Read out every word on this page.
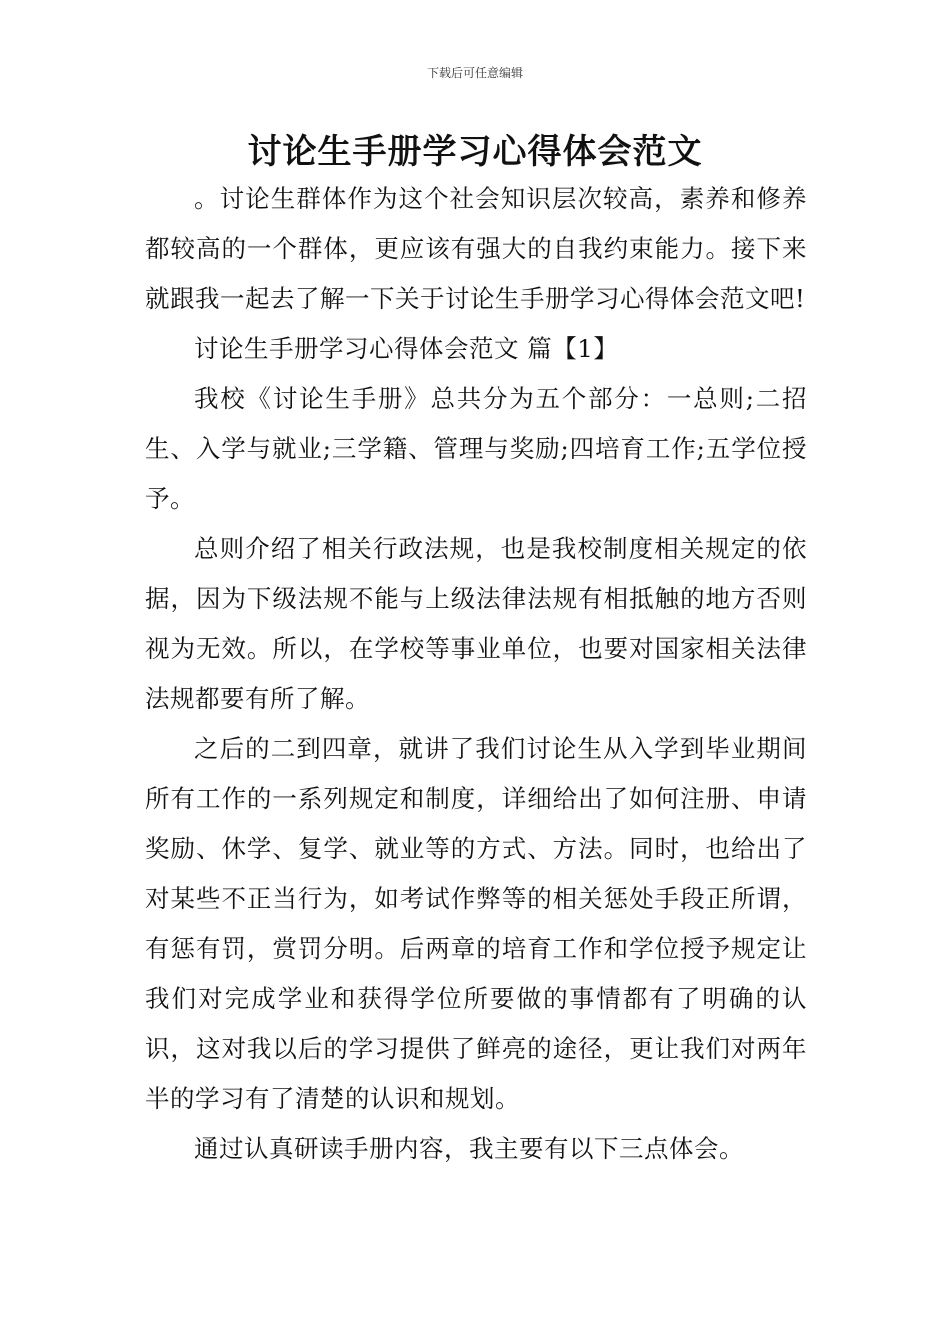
下载后可任意编辑
讨论生手册学习心得体会范文

。讨论生群体作为这个社会知识层次较高，素养和修养都较高的一个群体，更应该有强大的自我约束能力。接下来就跟我一起去了解一下关于讨论生手册学习心得体会范文吧!

讨论生手册学习心得体会范文 篇【1】

我校《讨论生手册》总共分为五个部分：一总则;二招生、入学与就业;三学籍、管理与奖励;四培育工作;五学位授予。

总则介绍了相关行政法规，也是我校制度相关规定的依据，因为下级法规不能与上级法律法规有相抵触的地方否则视为无效。所以，在学校等事业单位，也要对国家相关法律法规都要有所了解。

之后的二到四章，就讲了我们讨论生从入学到毕业期间所有工作的一系列规定和制度，详细给出了如何注册、申请奖励、休学、复学、就业等的方式、方法。同时，也给出了对某些不正当行为，如考试作弊等的相关惩处手段正所谓，有惩有罚，赏罚分明。后两章的培育工作和学位授予规定让我们对完成学业和获得学位所要做的事情都有了明确的认识，这对我以后的学习提供了鲜亮的途径，更让我们对两年半的学习有了清楚的认识和规划。

通过认真研读手册内容，我主要有以下三点体会。
